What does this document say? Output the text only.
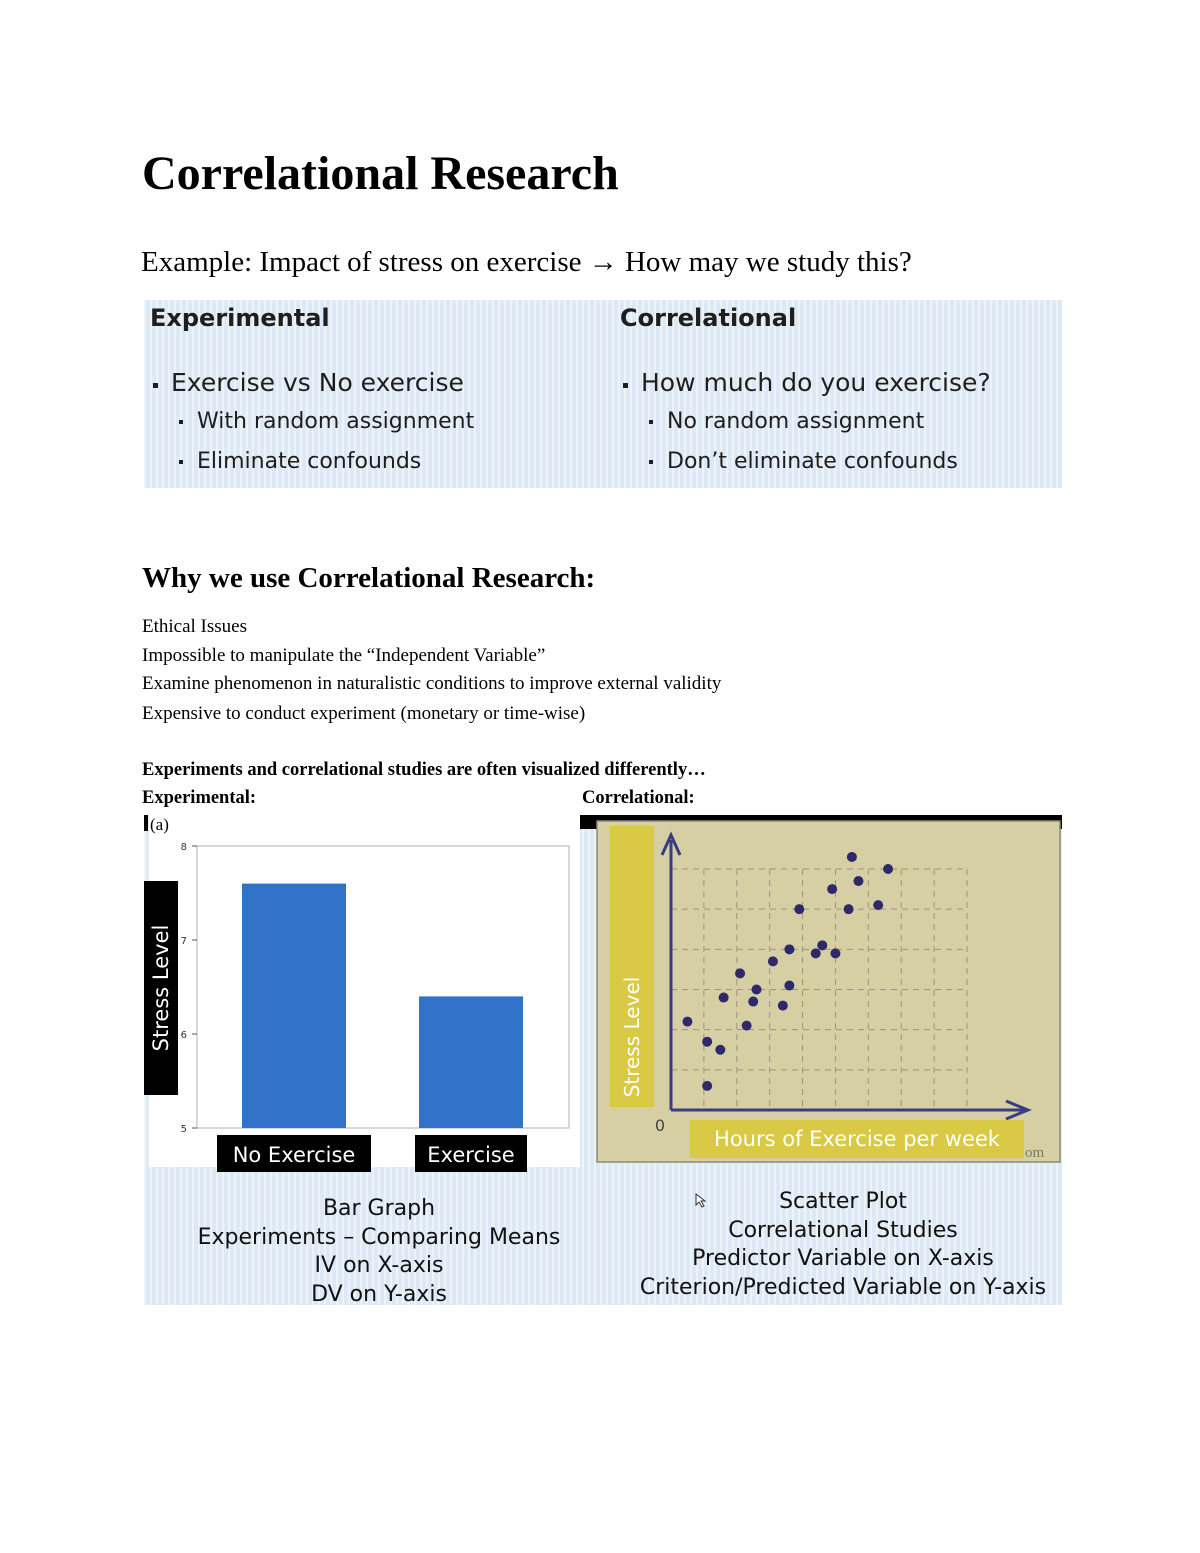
Correlational Research
Example: Impact of stress on exercise → How may we study this?
Experimental
Exercise vs No exercise
With random assignment
Eliminate confounds
Correlational
How much do you exercise?
No random assignment
Don’t eliminate confounds
Why we use Correlational Research:
Ethical Issues
Impossible to manipulate the “Independent Variable”
Examine phenomenon in naturalistic conditions to improve external validity
Expensive to conduct experiment (monetary or time-wise)
Experiments and correlational studies are often visualized differently…
Experimental:	Correlational:
(a)
5
6
7
8
No Exercise	Exercise
Stress Level
0
Stress Level
Hours of Exercise per week
om
Bar Graph
Experiments – Comparing Means
IV on X-axis
DV on Y-axis
Scatter Plot
Correlational Studies
Predictor Variable on X-axis
Criterion/Predicted Variable on Y-axis
